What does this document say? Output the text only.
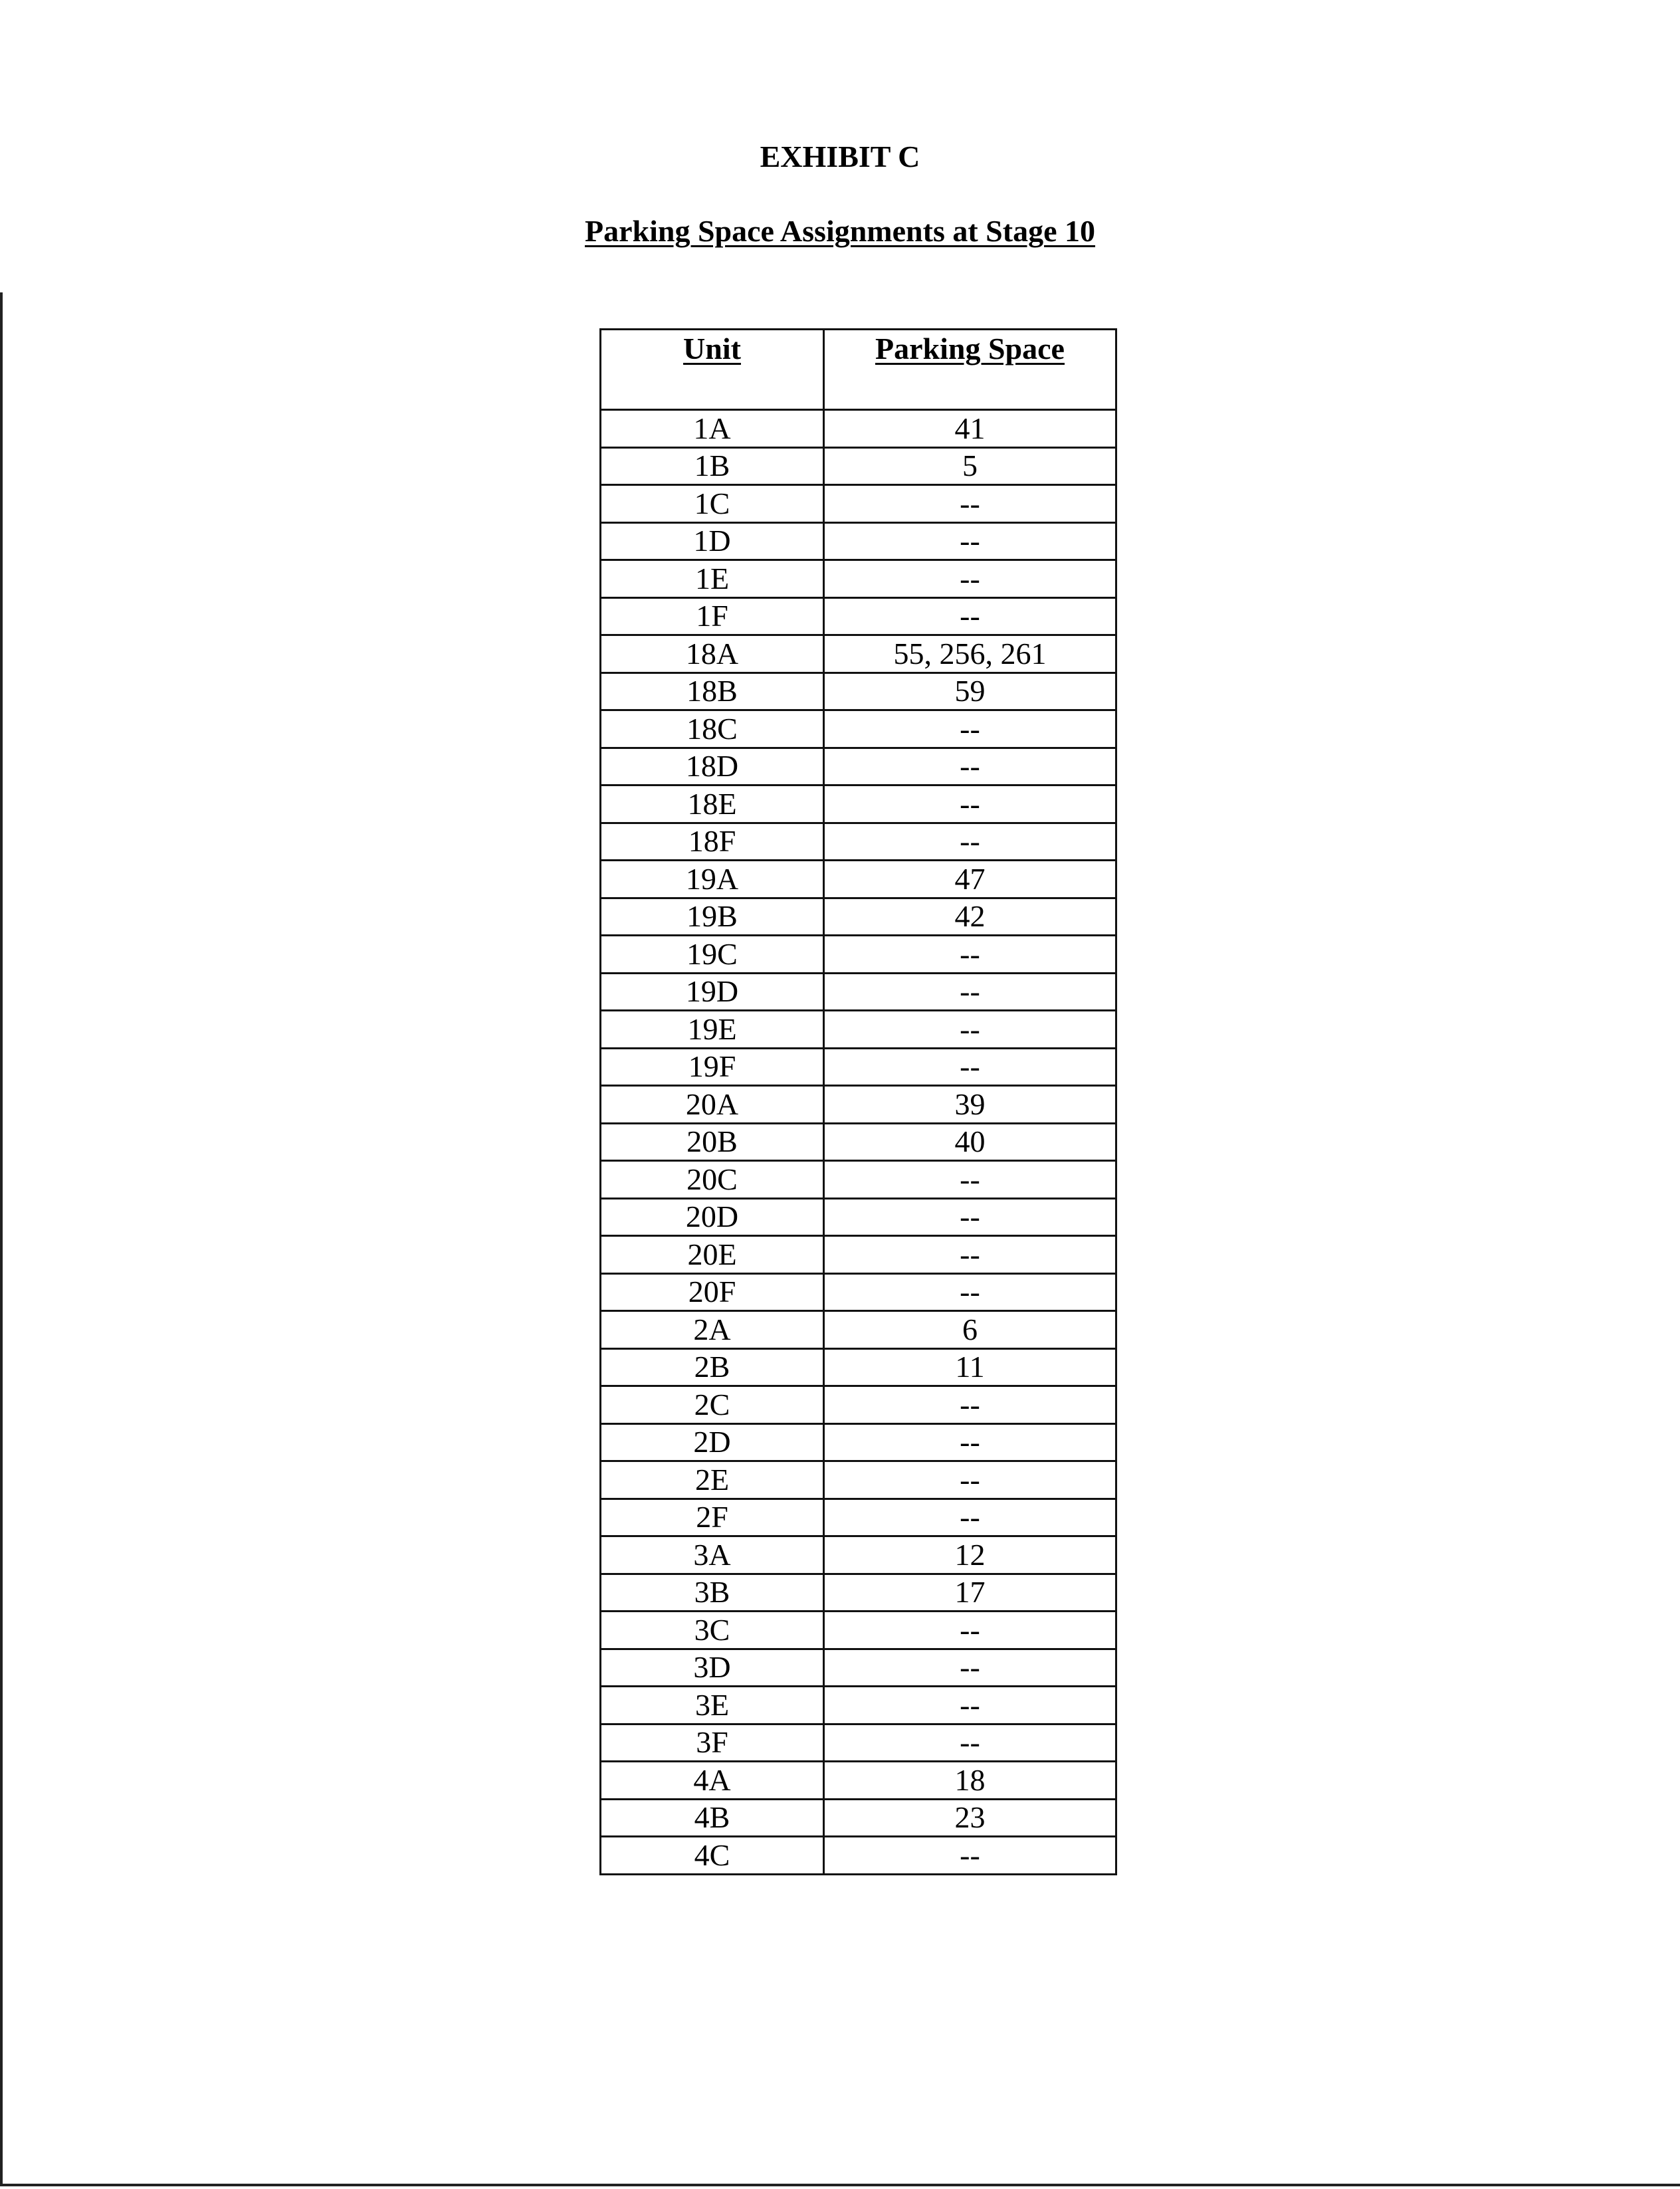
EXHIBIT C
Parking Space Assignments at Stage 10
Unit	Parking Space
1A	41
1B	5
1C	--
1D	--
1E	--
1F	--
18A	55, 256, 261
18B	59
18C	--
18D	--
18E	--
18F	--
19A	47
19B	42
19C	--
19D	--
19E	--
19F	--
20A	39
20B	40
20C	--
20D	--
20E	--
20F	--
2A	6
2B	11
2C	--
2D	--
2E	--
2F	--
3A	12
3B	17
3C	--
3D	--
3E	--
3F	--
4A	18
4B	23
4C	--
